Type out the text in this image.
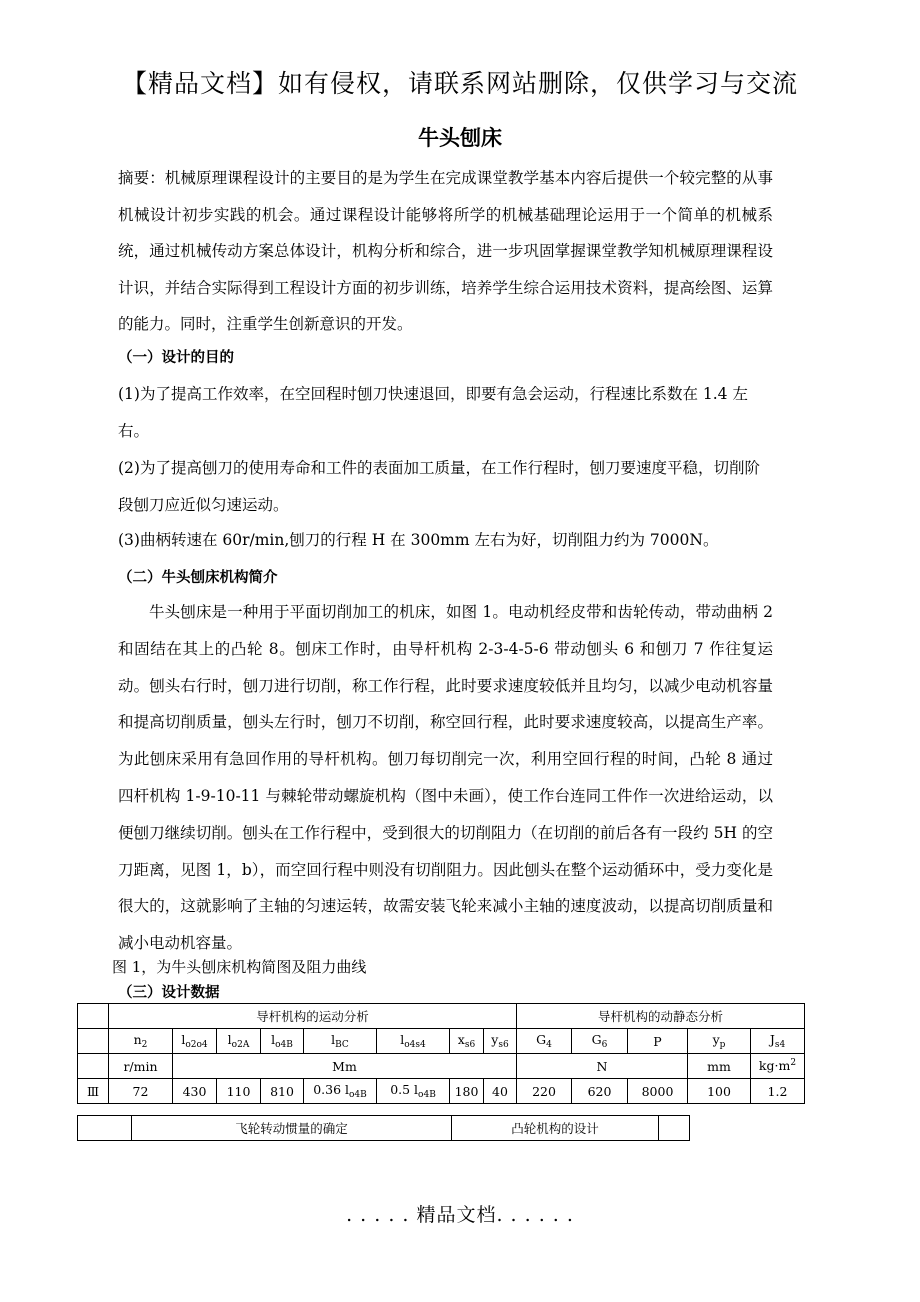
【精品文档】如有侵权，请联系网站删除，仅供学习与交流
牛头刨床
摘要：机械原理课程设计的主要目的是为学生在完成课堂教学基本内容后提供一个较完整的从事机械设计初步实践的机会。通过课程设计能够将所学的机械基础理论运用于一个简单的机械系统，通过机械传动方案总体设计，机构分析和综合，进一步巩固掌握课堂教学知机械原理课程设计识，并结合实际得到工程设计方面的初步训练，培养学生综合运用技术资料，提高绘图、运算的能力。同时，注重学生创新意识的开发。
（一）设计的目的
(1)为了提高工作效率，在空回程时刨刀快速退回，即要有急会运动，行程速比系数在 1.4 左右。
(2)为了提高刨刀的使用寿命和工件的表面加工质量，在工作行程时，刨刀要速度平稳，切削阶段刨刀应近似匀速运动。
(3)曲柄转速在 60r/min,刨刀的行程 H 在 300mm 左右为好，切削阻力约为 7000N。
（二）牛头刨床机构简介
牛头刨床是一种用于平面切削加工的机床，如图 1。电动机经皮带和齿轮传动，带动曲柄 2 和固结在其上的凸轮 8。刨床工作时，由导杆机构 2-3-4-5-6 带动刨头 6 和刨刀 7 作往复运动。刨头右行时，刨刀进行切削，称工作行程，此时要求速度较低并且均匀，以减少电动机容量和提高切削质量，刨头左行时，刨刀不切削，称空回行程，此时要求速度较高，以提高生产率。为此刨床采用有急回作用的导杆机构。刨刀每切削完一次，利用空回行程的时间，凸轮 8 通过四杆机构 1-9-10-11 与棘轮带动螺旋机构（图中未画），使工作台连同工件作一次进给运动，以便刨刀继续切削。刨头在工作行程中，受到很大的切削阻力（在切削的前后各有一段约 5H 的空刀距离，见图 1，b），而空回行程中则没有切削阻力。因此刨头在整个运动循环中，受力变化是很大的，这就影响了主轴的匀速运转，故需安装飞轮来减小主轴的速度波动，以提高切削质量和减小电动机容量。
图 1，为牛头刨床机构简图及阻力曲线
（三）设计数据
	导杆机构的运动分析								导杆机构的动静态分析				
	$n_2$	$l_{o2o4}$	$l_{o2A}$	$l_{o4B}$	$l_{BC}$	$l_{o4s4}$	$x_{s6}$	$y_{s6}$	$G_4$	$G_6$	P	$y_p$	$J_{s4}$
	r/min	Mm							N			mm	$kg\cdot m^2$
Ⅲ	72	430	110	810	0.36 $l_{o4B}$	0.5 $l_{o4B}$	180	40	220	620	8000	100	1.2
	飞轮转动惯量的确定	凸轮机构的设计	
. . . . . 精品文档. . . . . .
